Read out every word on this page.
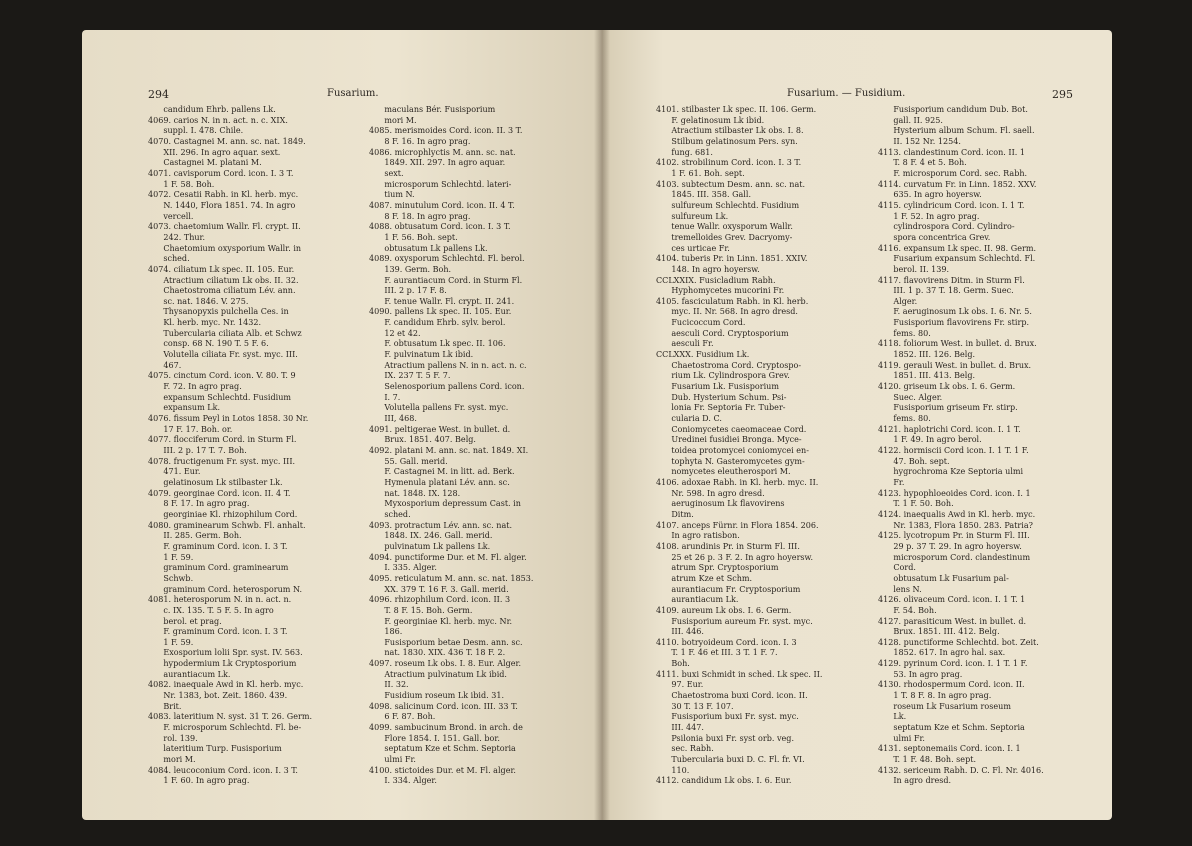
294	Fusarium.
candidum Ehrb. pallens Lk.
4069. carios N. in n. act. n. c. XIX.
suppl. I. 478. Chile.
4070. Castagnei M. ann. sc. nat. 1849.
XII. 296. In agro aquar. sext.
Castagnei M. platani M.
4071. cavisporum Cord. icon. I. 3 T.
1 F. 58. Boh.
4072. Cesatii Rabh. in Kl. herb. myc.
N. 1440, Flora 1851. 74. In agro
vercell.
4073. chaetomium Wallr. Fl. crypt. II.
242. Thur.
Chaetomium oxysporium Wallr. in
sched.
4074. ciliatum Lk spec. II. 105. Eur.
Atractium ciliatum Lk obs. II. 32.
Chaetostroma ciliatum Lév. ann.
sc. nat. 1846. V. 275.
Thysanopyxis pulchella Ces. in
Kl. herb. myc. Nr. 1432.
Tubercularia ciliata Alb. et Schwz
consp. 68 N. 190 T. 5 F. 6.
Volutella ciliata Fr. syst. myc. III.
467.
4075. cinctum Cord. icon. V. 80. T. 9
F. 72. In agro prag.
expansum Schlechtd. Fusidium
expansum Lk.
4076. fissum Peyl in Lotos 1858. 30 Nr.
17 F. 17. Boh. or.
4077. flocciferum Cord. in Sturm Fl.
III. 2 p. 17 T. 7. Boh.
4078. fructigenum Fr. syst. myc. III.
471. Eur.
gelatinosum Lk stilbaster Lk.
4079. georginae Cord. icon. II. 4 T.
8 F. 17. In agro prag.
georginiae Kl. rhizophilum Cord.
4080. graminearum Schwb. Fl. anhalt.
II. 285. Germ. Boh.
F. graminum Cord. icon. I. 3 T.
1 F. 59.
graminum Cord. graminearum
Schwb.
graminum Cord. heterosporum N.
4081. heterosporum N. in n. act. n.
c. IX. 135. T. 5 F. 5. In agro
berol. et prag.
F. graminum Cord. icon. I. 3 T.
1 F. 59.
Exosporium lolii Spr. syst. IV. 563.
hypodermium Lk Cryptosporium
aurantiacum Lk.
4082. inaequale Awd in Kl. herb. myc.
Nr. 1383, bot. Zeit. 1860. 439.
Brit.
4083. lateritium N. syst. 31 T. 26. Germ.
F. microsporum Schlechtd. Fl. be-
rol. 139.
lateritium Turp. Fusisporium
mori M.
4084. leucoconium Cord. icon. I. 3 T.
1 F. 60. In agro prag.
maculans Bér. Fusisporium
mori M.
4085. merismoides Cord. icon. II. 3 T.
8 F. 16. In agro prag.
4086. microphlyctis M. ann. sc. nat.
1849. XII. 297. In agro aquar.
sext.
microsporum Schlechtd. lateri-
tium N.
4087. minutulum Cord. icon. II. 4 T.
8 F. 18. In agro prag.
4088. obtusatum Cord. icon. I. 3 T.
1 F. 56. Boh. sept.
obtusatum Lk pallens Lk.
4089. oxysporum Schlechtd. Fl. berol.
139. Germ. Boh.
F. aurantiacum Cord. in Sturm Fl.
III. 2 p. 17 F. 8.
F. tenue Wallr. Fl. crypt. II. 241.
4090. pallens Lk spec. II. 105. Eur.
F. candidum Ehrb. sylv. berol.
12 et 42.
F. obtusatum Lk spec. II. 106.
F. pulvinatum Lk ibid.
Atractium pallens N. in n. act. n. c.
IX. 237 T. 5 F. 7.
Selenosporium pallens Cord. icon.
I. 7.
Volutella pallens Fr. syst. myc.
III, 468.
4091. peltigerae West. in bullet. d.
Brux. 1851. 407. Belg.
4092. platani M. ann. sc. nat. 1849. XI.
55. Gall. merid.
F. Castagnei M. in litt. ad. Berk.
Hymenula platani Lév. ann. sc.
nat. 1848. IX. 128.
Myxosporium depressum Cast. in
sched.
4093. protractum Lév. ann. sc. nat.
1848. IX. 246. Gall. merid.
pulvinatum Lk pallens Lk.
4094. punctiforme Dur. et M. Fl. alger.
I. 335. Alger.
4095. reticulatum M. ann. sc. nat. 1853.
XX. 379 T. 16 F. 3. Gall. merid.
4096. rhizophilum Cord. icon. II. 3
T. 8 F. 15. Boh. Germ.
F. georginiae Kl. herb. myc. Nr.
186.
Fusisporium betae Desm. ann. sc.
nat. 1830. XIX. 436 T. 18 F. 2.
4097. roseum Lk obs. I. 8. Eur. Alger.
Atractium pulvinatum Lk ibid.
II. 32.
Fusidium roseum Lk ibid. 31.
4098. salicinum Cord. icon. III. 33 T.
6 F. 87. Boh.
4099. sambucinum Brond. in arch. de
Flore 1854. I. 151. Gall. bor.
septatum Kze et Schm. Septoria
ulmi Fr.
4100. stictoides Dur. et M. Fl. alger.
I. 334. Alger.
Fusarium. — Fusidium.	295
4101. stilbaster Lk spec. II. 106. Germ.
F. gelatinosum Lk ibid.
Atractium stilbaster Lk obs. I. 8.
Stilbum gelatinosum Pers. syn.
fung. 681.
4102. strobilinum Cord. icon. I. 3 T.
1 F. 61. Boh. sept.
4103. subtectum Desm. ann. sc. nat.
1845. III. 358. Gall.
sulfureum Schlechtd. Fusidium
sulfureum Lk.
tenue Wallr. oxysporum Wallr.
tremelloides Grev. Dacryomy-
ces urticae Fr.
4104. tuberis Pr. in Linn. 1851. XXIV.
148. In agro hoyersw.
CCLXXIX. Fusicladium Rabh.
Hyphomycetes mucorini Fr.
4105. fasciculatum Rabh. in Kl. herb.
myc. II. Nr. 568. In agro dresd.
Fucicoccum Cord.
aesculi Cord. Cryptosporium
aesculi Fr.
CCLXXX. Fusidium Lk.
Chaetostroma Cord. Cryptospo-
rium Lk. Cylindrospora Grev.
Fusarium Lk. Fusisporium
Dub. Hysterium Schum. Psi-
lonia Fr. Septoria Fr. Tuber-
cularia D. C.
Coniomycetes caeomaceae Cord.
Uredinei fusidiei Bronga. Myce-
toidea protomycei coniomycei en-
tophyta N. Gasteromycetes gym-
nomycetes eleutherospori M.
4106. adoxae Rabh. in Kl. herb. myc. II.
Nr. 598. In agro dresd.
aeruginosum Lk flavovirens
Ditm.
4107. anceps Fürnr. in Flora 1854. 206.
In agro ratisbon.
4108. arundinis Pr. in Sturm Fl. III.
25 et 26 p. 3 F. 2. In agro hoyersw.
atrum Spr. Cryptosporium
atrum Kze et Schm.
aurantiacum Fr. Cryptosporium
aurantiacum Lk.
4109. aureum Lk obs. I. 6. Germ.
Fusisporium aureum Fr. syst. myc.
III. 446.
4110. botryoideum Cord. icon. I. 3
T. 1 F. 46 et III. 3 T. 1 F. 7.
Boh.
4111. buxi Schmidt in sched. Lk spec. II.
97. Eur.
Chaetostroma buxi Cord. icon. II.
30 T. 13 F. 107.
Fusisporium buxi Fr. syst. myc.
III. 447.
Psilonia buxi Fr. syst orb. veg.
sec. Rabh.
Tubercularia buxi D. C. Fl. fr. VI.
110.
4112. candidum Lk obs. I. 6. Eur.
Fusisporium candidum Dub. Bot.
gall. II. 925.
Hysterium album Schum. Fl. saell.
II. 152 Nr. 1254.
4113. clandestinum Cord. icon. II. 1
T. 8 F. 4 et 5. Boh.
F. microsporum Cord. sec. Rabh.
4114. curvatum Fr. in Linn. 1852. XXV.
635. In agro hoyersw.
4115. cylindricum Cord. icon. I. 1 T.
1 F. 52. In agro prag.
cylindrospora Cord. Cylindro-
spora concentrica Grev.
4116. expansum Lk spec. II. 98. Germ.
Fusarium expansum Schlechtd. Fl.
berol. II. 139.
4117. flavovirens Ditm. in Sturm Fl.
III. 1 p. 37 T. 18. Germ. Suec.
Alger.
F. aeruginosum Lk obs. I. 6. Nr. 5.
Fusisporium flavovirens Fr. stirp.
fems. 80.
4118. foliorum West. in bullet. d. Brux.
1852. III. 126. Belg.
4119. gerauli West. in bullet. d. Brux.
1851. III. 413. Belg.
4120. griseum Lk obs. I. 6. Germ.
Suec. Alger.
Fusisporium griseum Fr. stirp.
fems. 80.
4121. haplotrichi Cord. icon. I. 1 T.
1 F. 49. In agro berol.
4122. hormiscii Cord icon. I. 1 T. 1 F.
47. Boh. sept.
hygrochroma Kze Septoria ulmi
Fr.
4123. hypophloeoides Cord. icon. I. 1
T. 1 F. 50. Boh.
4124. inaequalis Awd in Kl. herb. myc.
Nr. 1383, Flora 1850. 283. Patria?
4125. lycotropum Pr. in Sturm Fl. III.
29 p. 37 T. 29. In agro hoyersw.
microsporum Cord. clandestinum
Cord.
obtusatum Lk Fusarium pal-
lens N.
4126. olivaceum Cord. icon. I. 1 T. 1
F. 54. Boh.
4127. parasiticum West. in bullet. d.
Brux. 1851. III. 412. Belg.
4128. punctiforme Schlechtd. bot. Zeit.
1852. 617. In agro hal. sax.
4129. pyrinum Cord. icon. I. 1 T. 1 F.
53. In agro prag.
4130. rhodospermum Cord. icon. II.
1 T. 8 F. 8. In agro prag.
roseum Lk Fusarium roseum
Lk.
septatum Kze et Schm. Septoria
ulmi Fr.
4131. septonemaiis Cord. icon. I. 1
T. 1 F. 48. Boh. sept.
4132. sericeum Rabh. D. C. Fl. Nr. 4016.
In agro dresd.
